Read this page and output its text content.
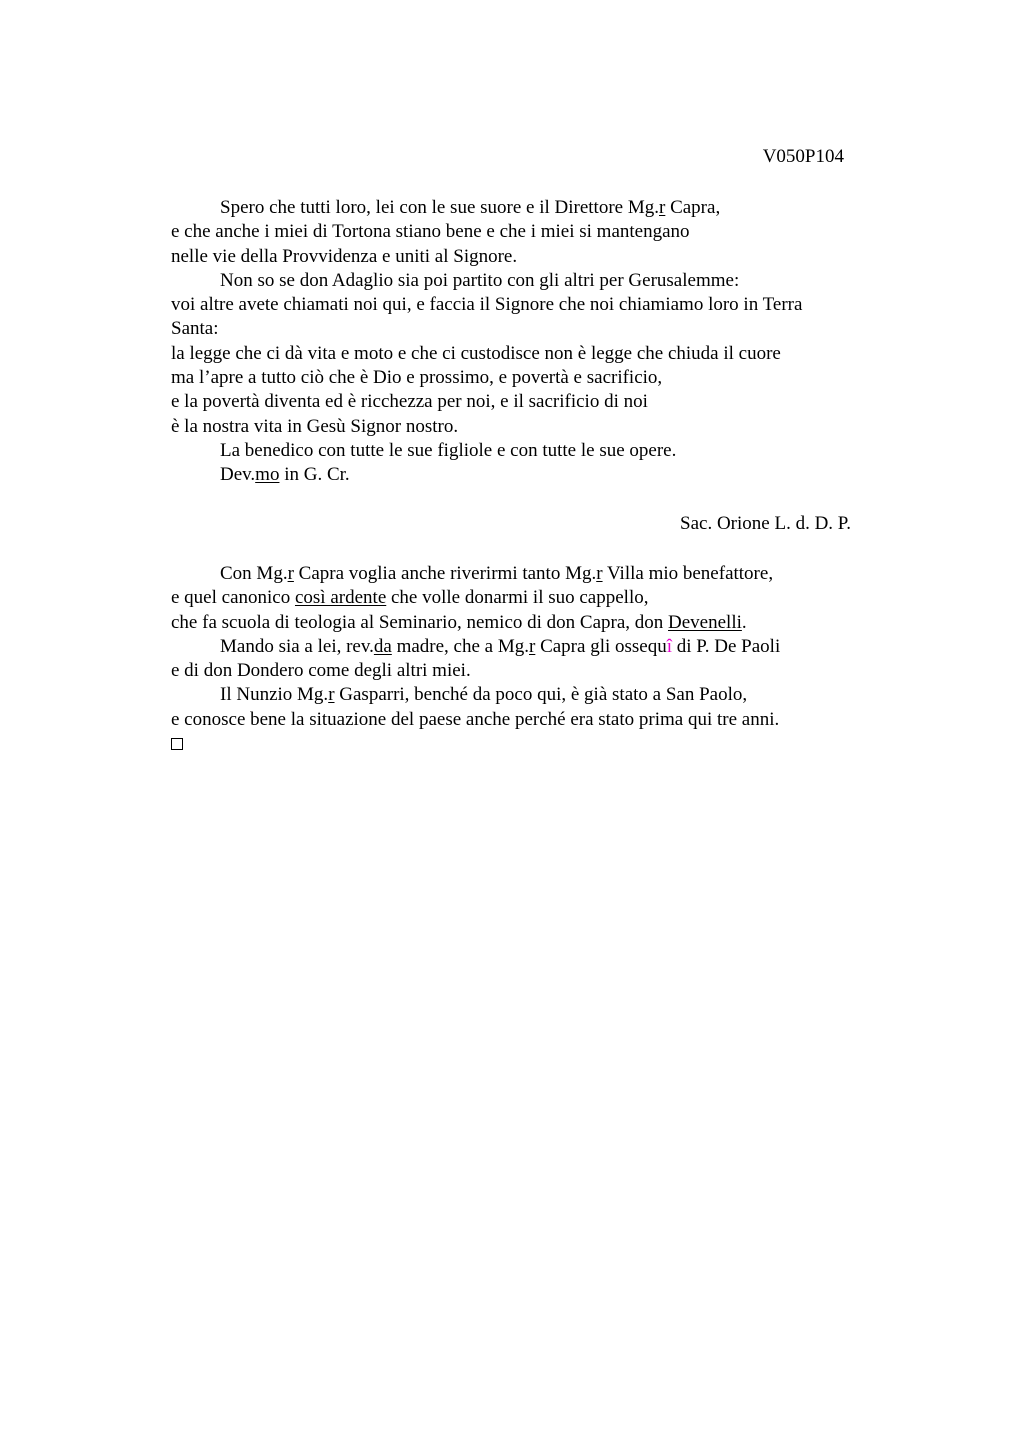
V050P104
Spero che tutti loro, lei con le sue suore e il Direttore Mg.r Capra,
e che anche i miei di Tortona stiano bene e che i miei si mantengano
nelle vie della Provvidenza e uniti al Signore.
Non so se don Adaglio sia poi partito con gli altri per Gerusalemme:
voi altre avete chiamati noi qui, e faccia il Signore che noi chiamiamo loro in Terra
Santa:
la legge che ci dà vita e moto e che ci custodisce non è legge che chiuda il cuore
ma l’apre a tutto ciò che è Dio e prossimo, e povertà e sacrificio,
e la povertà diventa ed è ricchezza per noi, e il sacrificio di noi
è la nostra vita in Gesù Signor nostro.
La benedico con tutte le sue figliole e con tutte le sue opere.
Dev.mo in G. Cr.
Sac. Orione L. d. D. P.
Con Mg.r Capra voglia anche riverirmi tanto Mg.r Villa mio benefattore,
e quel canonico così ardente che volle donarmi il suo cappello,
che fa scuola di teologia al Seminario, nemico di don Capra, don Devenelli.
Mando sia a lei, rev.da madre, che a Mg.r Capra gli ossequî di P. De Paoli
e di don Dondero come degli altri miei.
Il Nunzio Mg.r Gasparri, benché da poco qui, è già stato a San Paolo,
e conosce bene la situazione del paese anche perché era stato prima qui tre anni.
